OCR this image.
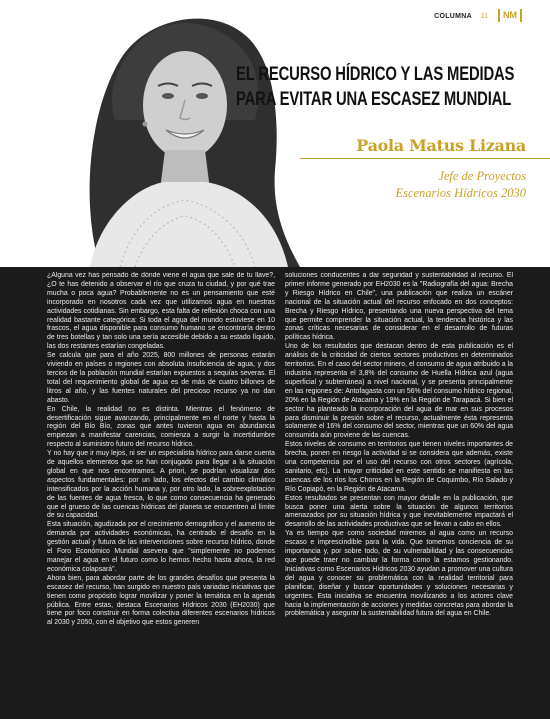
COLUMNA 11	NM
EL RECURSO HÍDRICO Y LAS MEDIDAS
PARA EVITAR UNA ESCASEZ MUNDIAL
Paola Matus Lizana
Jefe de Proyectos
Escenarios Hídricos 2030

¿Alguna vez has pensado de dónde viene el agua que sale de tu llave?, ¿O te has detenido a observar el río que cruza tu ciudad, y por qué trae mucha o poca agua? Probablemente no es un pensamiento que esté incorporado en nosotros cada vez que utilizamos agua en nuestras actividades cotidianas. Sin embargo, esta falta de reflexión choca con una realidad bastante categórica: Si toda el agua del mundo estuviese en 10 frascos, el agua disponible para consumo humano se encontraría dentro de tres botellas y tan solo una sería accesible debido a su estado líquido, las dos restantes estarían congeladas.

Se calcula que para el año 2025, 800 millones de personas estarán viviendo en países o regiones con absoluta insuficiencia de agua, y dos tercios de la población mundial estarían expuestos a sequías severas. El total del requerimiento global de agua es de más de cuatro billones de litros al año, y las fuentes naturales del precioso recurso ya no dan abasto.

En Chile, la realidad no es distinta. Mientras el fenómeno de desertificación sigue avanzando, principalmente en el norte y hasta la región del Bío Bío, zonas que antes tuvieron agua en abundancia empiezan a manifestar carencias, comienza a surgir la incertidumbre respecto al suministro futuro del recurso hídrico.

Y no hay que ir muy lejos, ni ser un especialista hídrico para darse cuenta de aquellos elementos que se han conjugado para llegar a la situación global en que nos encontramos. A priori, se podrían visualizar dos aspectos fundamentales: por un lado, los efectos del cambio climático intensificados por la acción humana y, por otro lado, la sobreexplotación de las fuentes de agua fresca, lo que como consecuencia ha generado que el grueso de las cuencas hídricas del planeta se encuentren al límite de su capacidad.

Esta situación, agudizada por el crecimiento demográfico y el aumento de demanda por actividades económicas, ha centrado el desafío en la gestión actual y futura de las intervenciones sobre recurso hídrico, donde el Foro Económico Mundial asevera que "simplemente no podemos manejar el agua en el futuro como lo hemos hecho hasta ahora, la red económica colapsará".

Ahora bien, para abordar parte de los grandes desafíos que presenta la escasez del recurso, han surgido en nuestro país variadas iniciativas que tienen como propósito lograr movilizar y poner la temática en la agenda pública. Entre estas, destaca Escenarios Hídricos 2030 (EH2030) que tiene por foco construir en forma colectiva diferentes escenarios hídricos al 2030 y 2050, con el objetivo que estos generen

soluciones conducentes a dar seguridad y sustentabilidad al recurso. El primer informe generado por EH2030 es la "Radiografía del agua: Brecha y Riesgo Hídrico en Chile", una publicación que realiza un escáner nacional de la situación actual del recurso enfocado en dos conceptos: Brecha y Riesgo Hídrico, presentando una nueva perspectiva del tema que permite comprender la situación actual, la tendencia histórica y las zonas críticas necesarias de considerar en el desarrollo de futuras políticas hídrica.

Uno de los resultados que destacan dentro de esta publicación es el análisis de la criticidad de ciertos sectores productivos en determinados territorios. En el caso del sector minero, el consumo de agua atribuido a la industria representa el 3,8% del consumo de Huella Hídrica azul (agua superficial y subterránea) a nivel nacional, y se presenta principalmente en las regiones de: Antofagasta con un 56% del consumo hídrico regional, 20% en la Región de Atacama y 19% en la Región de Tarapacá. Si bien el sector ha planteado la incorporación del agua de mar en sus procesos para disminuir la presión sobre el recurso, actualmente ésta representa solamente el 16% del consumo del sector, mientras que un 60% del agua consumida aún proviene de las cuencas.

Estos niveles de consumo en territorios que tienen niveles importantes de brecha, ponen en riesgo la actividad si se considera que además, existe una competencia por el uso del recurso con otros sectores (agrícola, sanitario, etc). La mayor criticidad en este sentido se manifiesta en las cuencas de los ríos los Choros en la Región de Coquimbo, Río Salado y Río Copiapó, en la Región de Atacama.

Estos resultados se presentan con mayor detalle en la publicación, que busca poner una alerta sobre la situación de algunos territorios amenazados por su situación hídrica y que inevitablemente impactará el desarrollo de las actividades productivas que se llevan a cabo en ellos.

Ya es tiempo que como sociedad miremos al agua como un recurso escaso e imprescindible para la vida. Que tomemos conciencia de su importancia y, por sobre todo, de su vulnerabilidad y las consecuencias que puede traer no cambiar la forma como la estamos gestionando. Iniciativas como Escenarios Hídricos 2030 ayudan a promover una cultura del agua y conocer su problemática con la realidad territorial para planificar, diseñar y buscar oportunidades y soluciones necesarias y urgentes. Esta iniciativa se encuentra movilizando a los actores clave hacia la implementación de acciones y medidas concretas para abordar la problemática y asegurar la sustentabilidad futura del agua en Chile.
